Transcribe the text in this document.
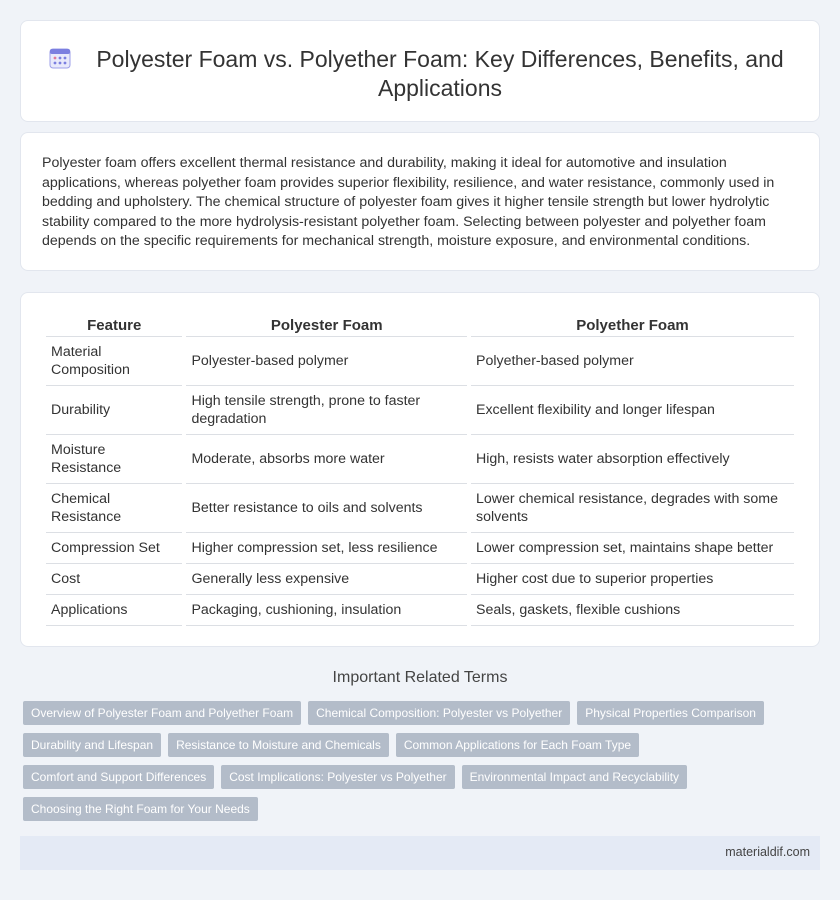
Polyester Foam vs. Polyether Foam: Key Differences, Benefits, and Applications

Polyester foam offers excellent thermal resistance and durability, making it ideal for automotive and insulation applications, whereas polyether foam provides superior flexibility, resilience, and water resistance, commonly used in bedding and upholstery. The chemical structure of polyester foam gives it higher tensile strength but lower hydrolytic stability compared to the more hydrolysis-resistant polyether foam. Selecting between polyester and polyether foam depends on the specific requirements for mechanical strength, moisture exposure, and environmental conditions.

Feature	Polyester Foam	Polyether Foam
Material Composition	Polyester-based polymer	Polyether-based polymer
Durability	High tensile strength, prone to faster degradation	Excellent flexibility and longer lifespan
Moisture Resistance	Moderate, absorbs more water	High, resists water absorption effectively
Chemical Resistance	Better resistance to oils and solvents	Lower chemical resistance, degrades with some solvents
Compression Set	Higher compression set, less resilience	Lower compression set, maintains shape better
Cost	Generally less expensive	Higher cost due to superior properties
Applications	Packaging, cushioning, insulation	Seals, gaskets, flexible cushions
Important Related Terms
Overview of Polyester Foam and Polyether Foam	Chemical Composition: Polyester vs Polyether	Physical Properties Comparison
Durability and Lifespan	Resistance to Moisture and Chemicals	Common Applications for Each Foam Type
Comfort and Support Differences	Cost Implications: Polyester vs Polyether	Environmental Impact and Recyclability
Choosing the Right Foam for Your Needs
materialdif.com
